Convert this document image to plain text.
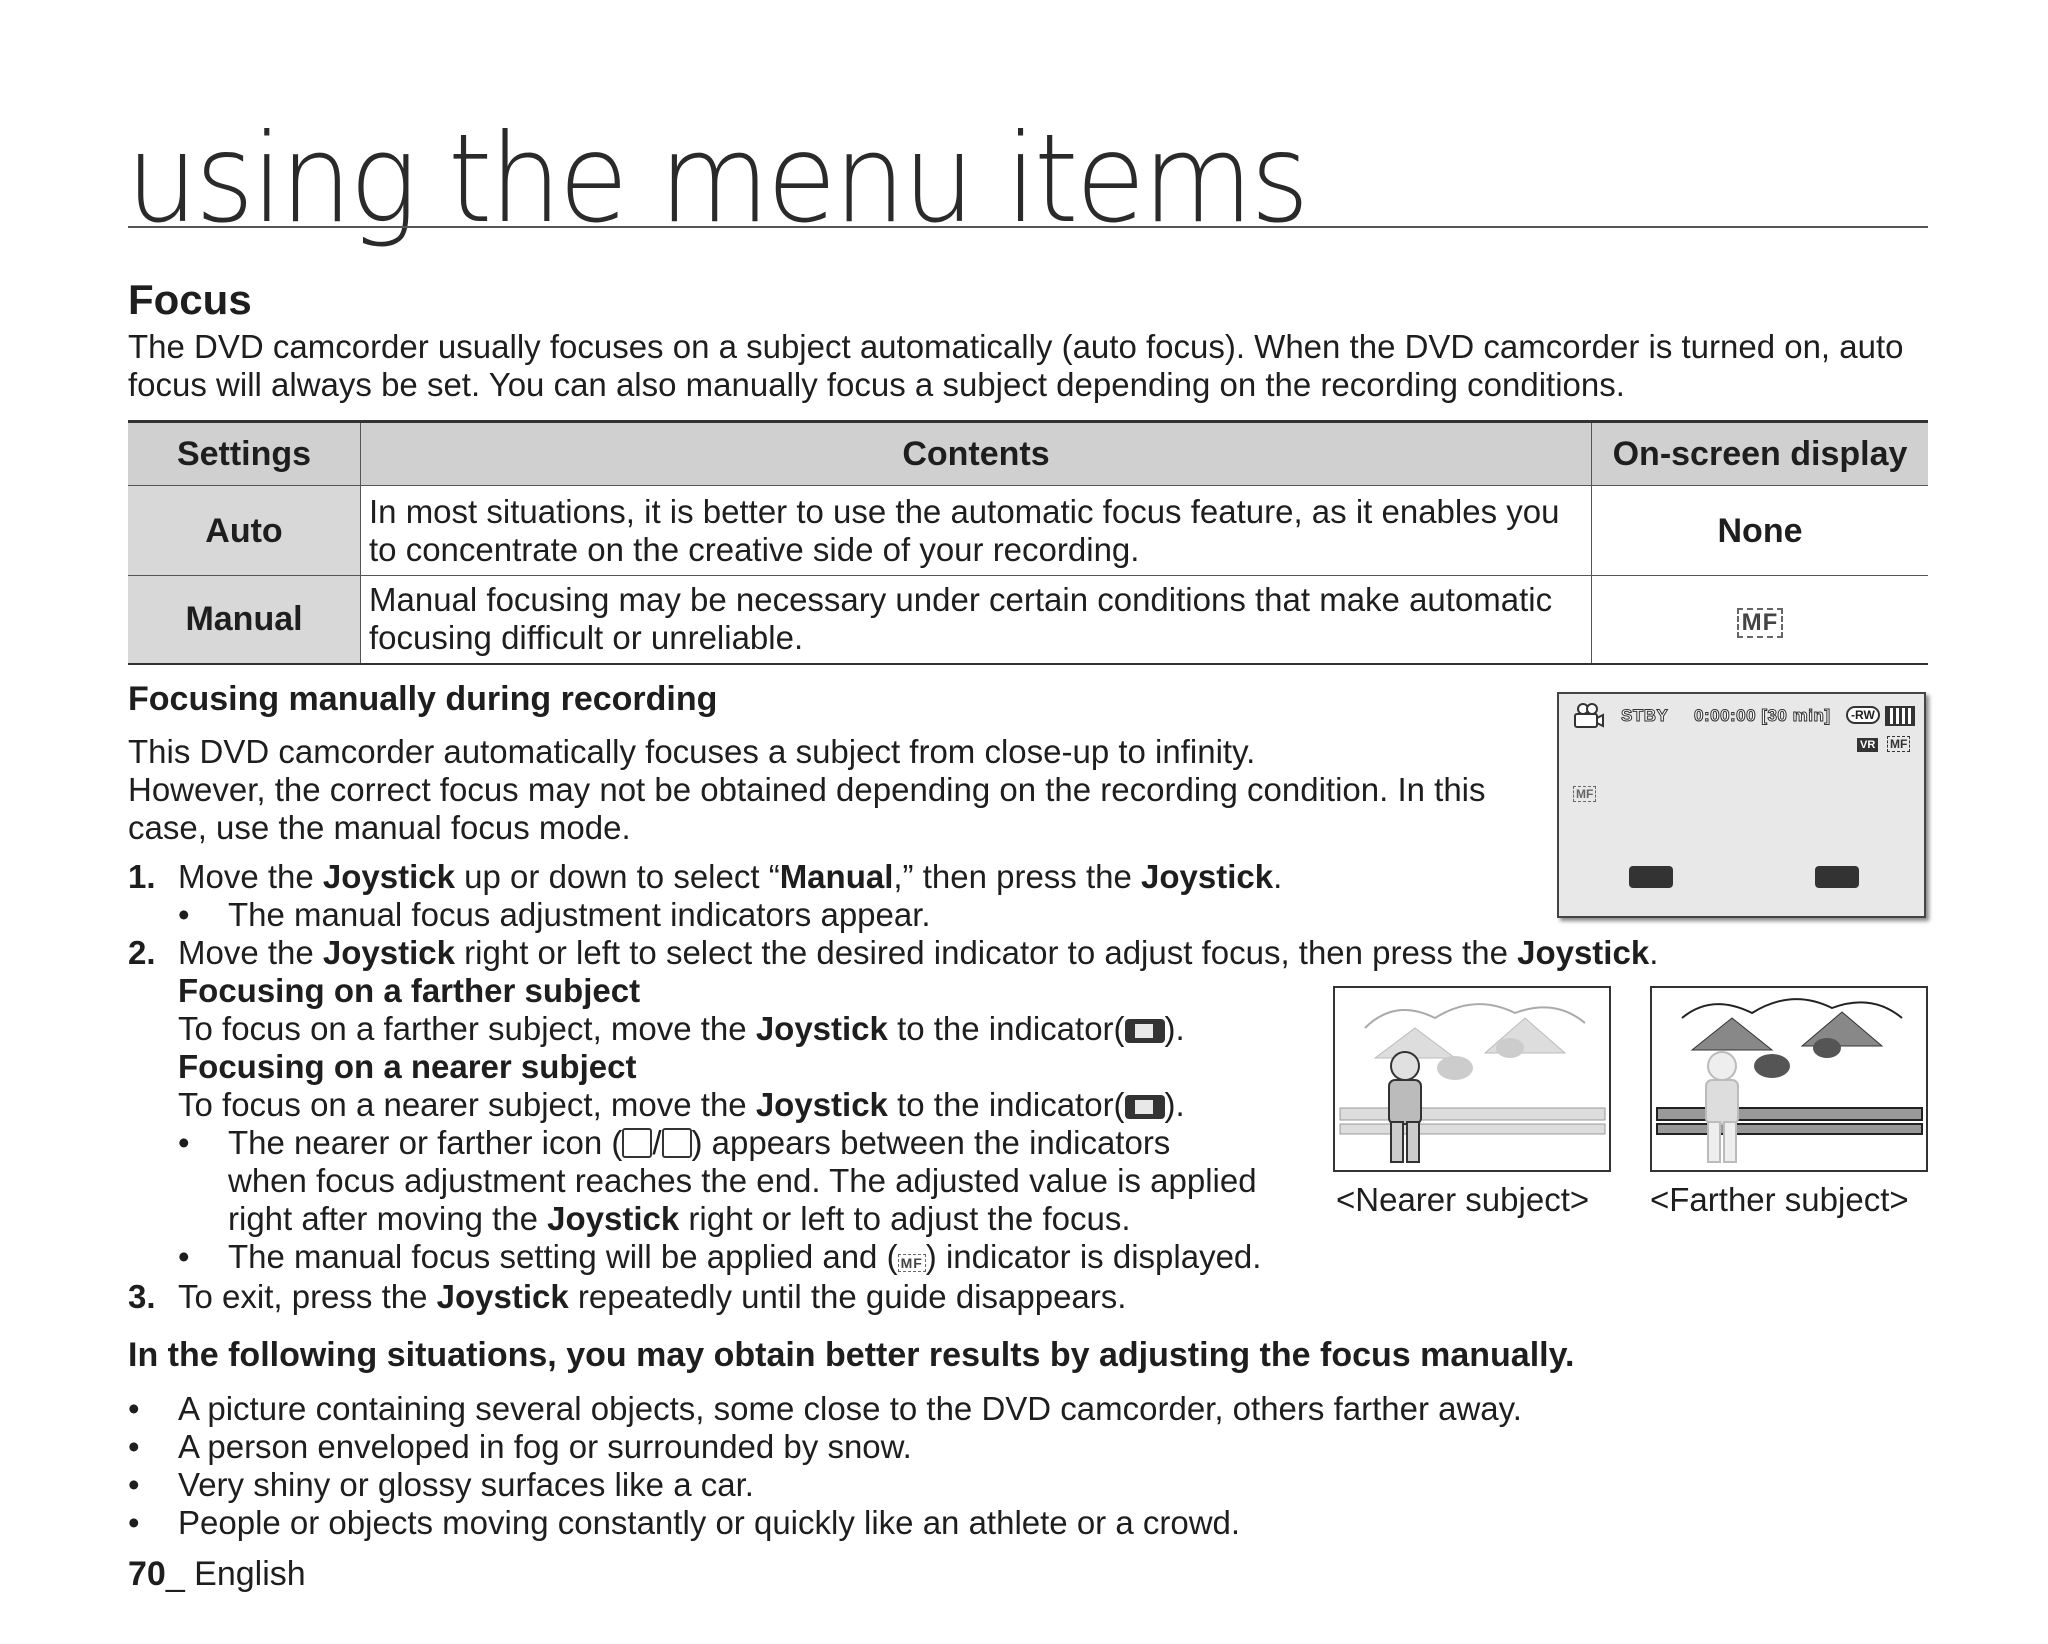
using the menu items
Focus
The DVD camcorder usually focuses on a subject automatically (auto focus). When the DVD camcorder is turned on, auto focus will always be set. You can also manually focus a subject depending on the recording conditions.
Settings	Contents	On-screen display
Auto	In most situations, it is better to use the automatic focus feature, as it enables you to concentrate on the creative side of your recording.	None
Manual	Manual focusing may be necessary under certain conditions that make automatic focusing difficult or unreliable.	MF
Focusing manually during recording
This DVD camcorder automatically focuses a subject from close-up to infinity.
However, the correct focus may not be obtained depending on the recording condition. In this case, use the manual focus mode.
1. Move the Joystick up or down to select “Manual,” then press the Joystick.
• The manual focus adjustment indicators appear.
2. Move the Joystick right or left to select the desired indicator to adjust focus, then press the Joystick.
Focusing on a farther subject
To focus on a farther subject, move the Joystick to the indicator( ).
Focusing on a nearer subject
To focus on a nearer subject, move the Joystick to the indicator( ).
• The nearer or farther icon ( / ) appears between the indicators
when focus adjustment reaches the end. The adjusted value is applied
right after moving the Joystick right or left to adjust the focus.
• The manual focus setting will be applied and ( MF) indicator is displayed.
3. To exit, press the Joystick repeatedly until the guide disappears.
STBY 0:00:00 [30 min]	-RW
VR MF
MF
<Nearer subject> <Farther subject>
In the following situations, you may obtain better results by adjusting the focus manually.
• A picture containing several objects, some close to the DVD camcorder, others farther away.
• A person enveloped in fog or surrounded by snow.
• Very shiny or glossy surfaces like a car.
• People or objects moving constantly or quickly like an athlete or a crowd.
70_ English
